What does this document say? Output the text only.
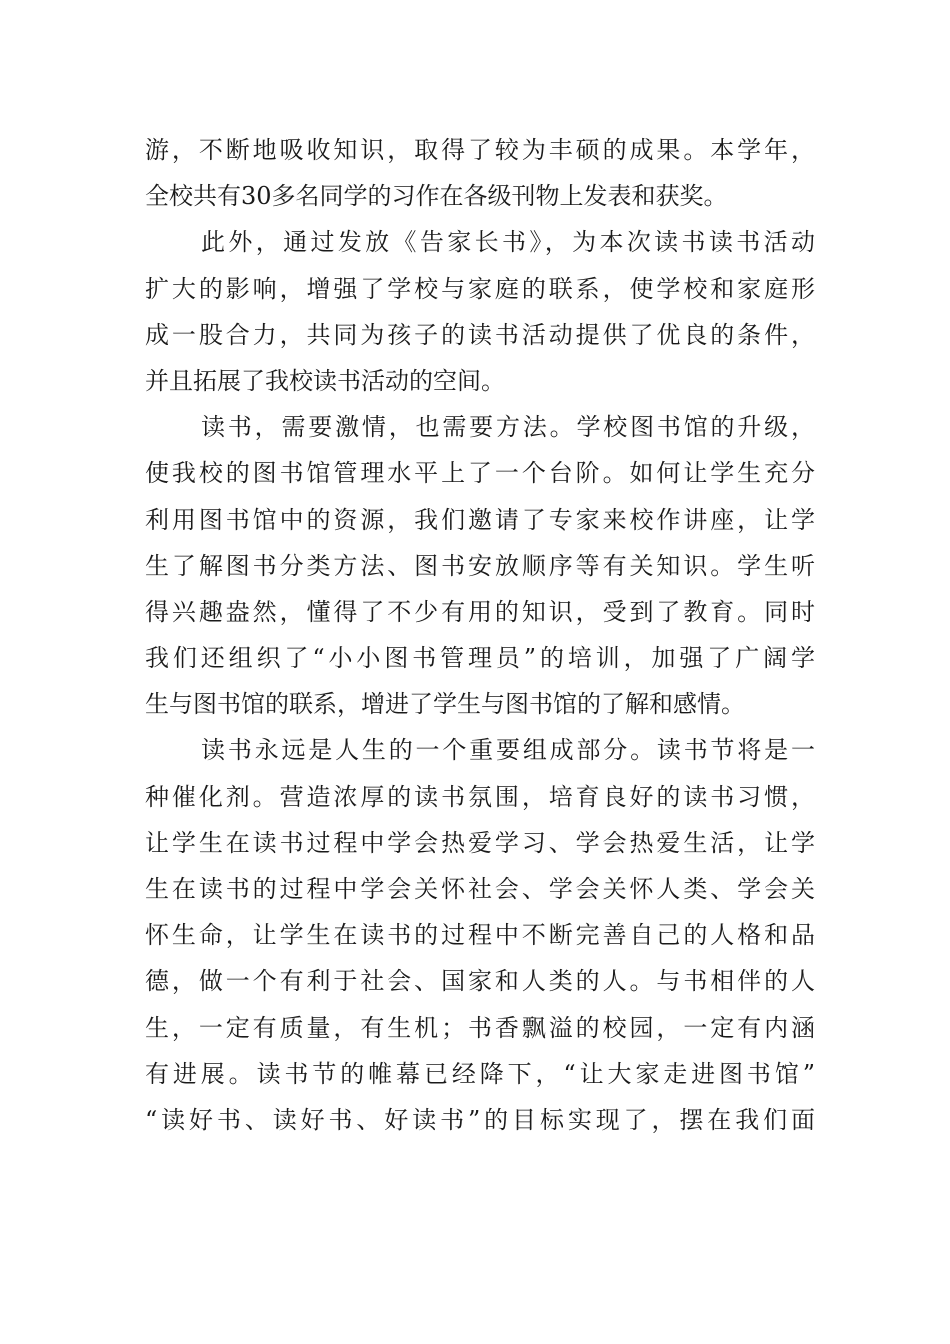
游，不断地吸收知识，取得了较为丰硕的成果。本学年，
全校共有30多名同学的习作在各级刊物上发表和获奖。
此外，通过发放《告家长书》，为本次读书读书活动
扩大的影响，增强了学校与家庭的联系，使学校和家庭形
成一股合力，共同为孩子的读书活动提供了优良的条件，
并且拓展了我校读书活动的空间。
读书，需要激情，也需要方法。学校图书馆的升级，
使我校的图书馆管理水平上了一个台阶。如何让学生充分
利用图书馆中的资源，我们邀请了专家来校作讲座，让学
生了解图书分类方法、图书安放顺序等有关知识。学生听
得兴趣盎然，懂得了不少有用的知识，受到了教育。同时
我们还组织了“小小图书管理员”的培训，加强了广阔学
生与图书馆的联系，增进了学生与图书馆的了解和感情。
读书永远是人生的一个重要组成部分。读书节将是一
种催化剂。营造浓厚的读书氛围，培育良好的读书习惯，
让学生在读书过程中学会热爱学习、学会热爱生活，让学
生在读书的过程中学会关怀社会、学会关怀人类、学会关
怀生命，让学生在读书的过程中不断完善自己的人格和品
德，做一个有利于社会、国家和人类的人。与书相伴的人
生，一定有质量，有生机；书香飘溢的校园，一定有内涵
有进展。读书节的帷幕已经降下，“让大家走进图书馆”
“读好书、读好书、好读书”的目标实现了，摆在我们面
